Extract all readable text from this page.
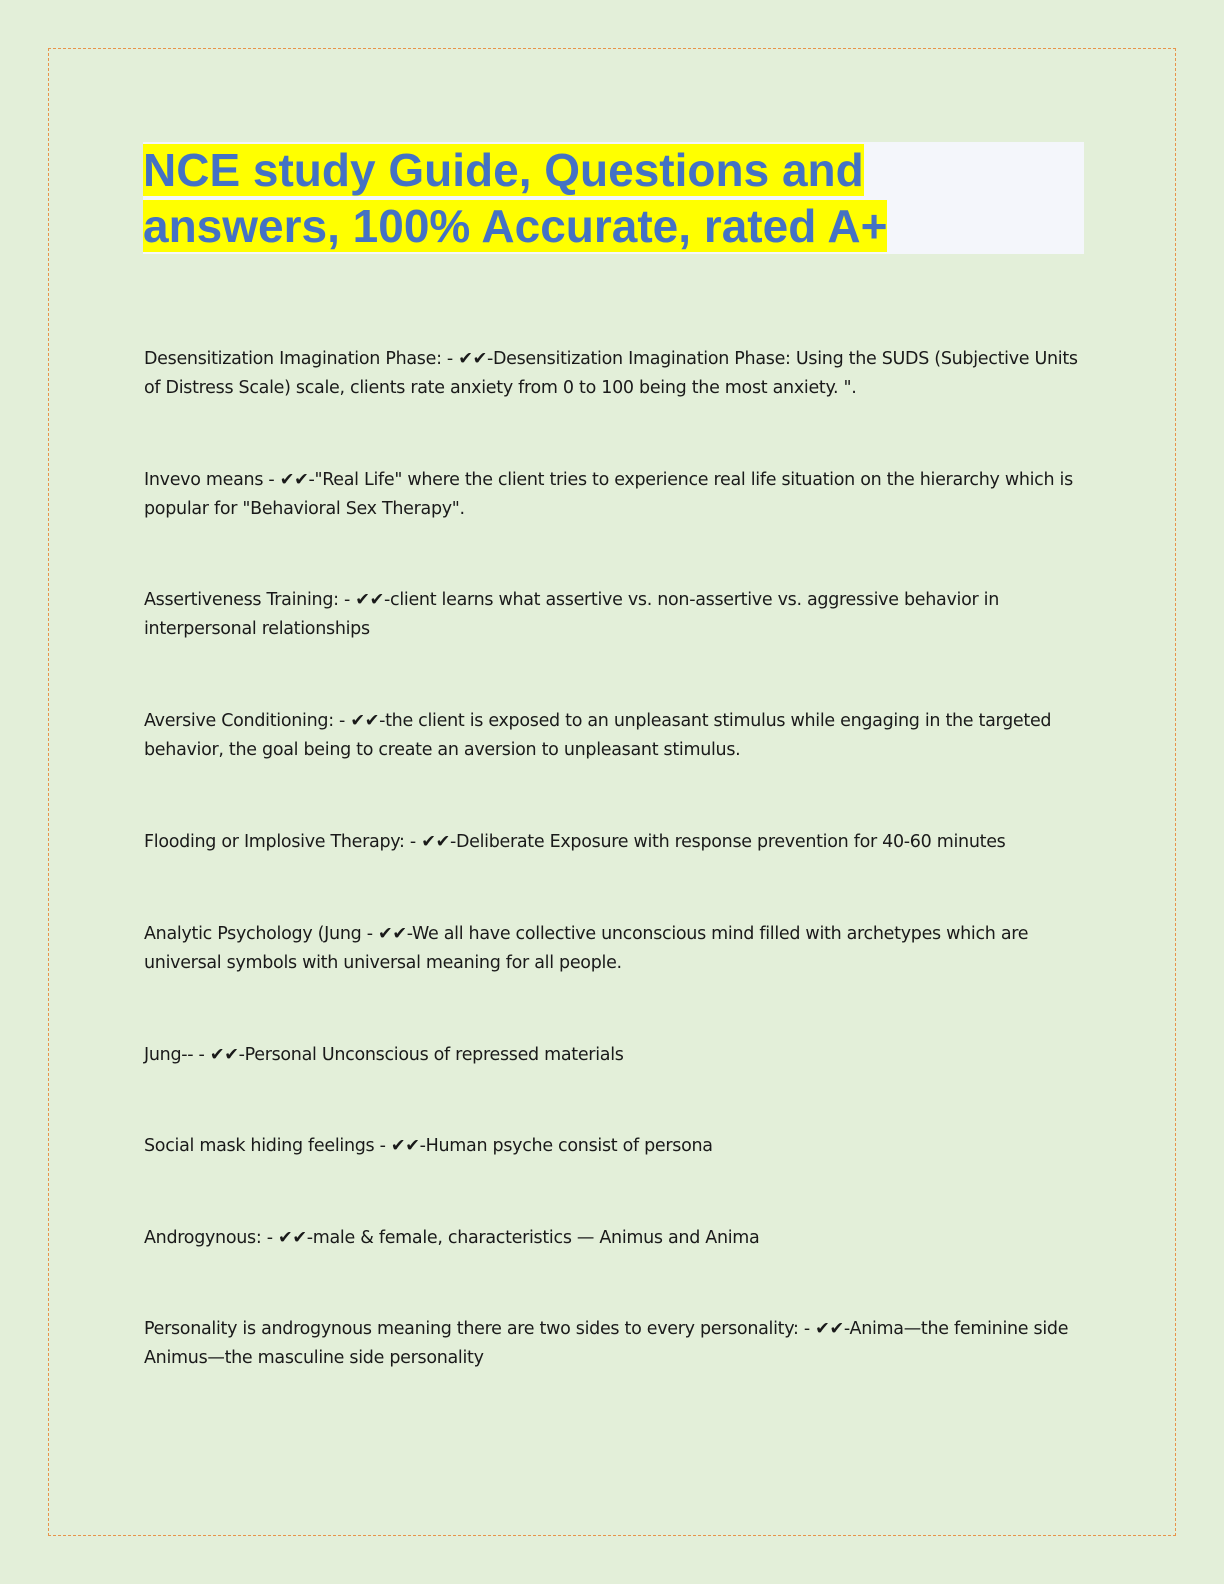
NCE study Guide, Questions and
answers, 100% Accurate, rated A+
Desensitization Imagination Phase: - ✔✔-Desensitization Imagination Phase: Using the SUDS (Subjective Units of Distress Scale) scale, clients rate anxiety from 0 to 100 being the most anxiety. ".
Invevo means - ✔✔-"Real Life" where the client tries to experience real life situation on the hierarchy which is popular for "Behavioral Sex Therapy".
Assertiveness Training: - ✔✔-client learns what assertive vs. non-assertive vs. aggressive behavior in interpersonal relationships
Aversive Conditioning: - ✔✔-the client is exposed to an unpleasant stimulus while engaging in the targeted behavior, the goal being to create an aversion to unpleasant stimulus.
Flooding or Implosive Therapy: - ✔✔-Deliberate Exposure with response prevention for 40-60 minutes
Analytic Psychology (Jung - ✔✔-We all have collective unconscious mind filled with archetypes which are universal symbols with universal meaning for all people.
Jung-- - ✔✔-Personal Unconscious of repressed materials
Social mask hiding feelings - ✔✔-Human psyche consist of persona
Androgynous: - ✔✔-male & female, characteristics — Animus and Anima
Personality is androgynous meaning there are two sides to every personality: - ✔✔-Anima—the feminine side Animus—the masculine side personality
